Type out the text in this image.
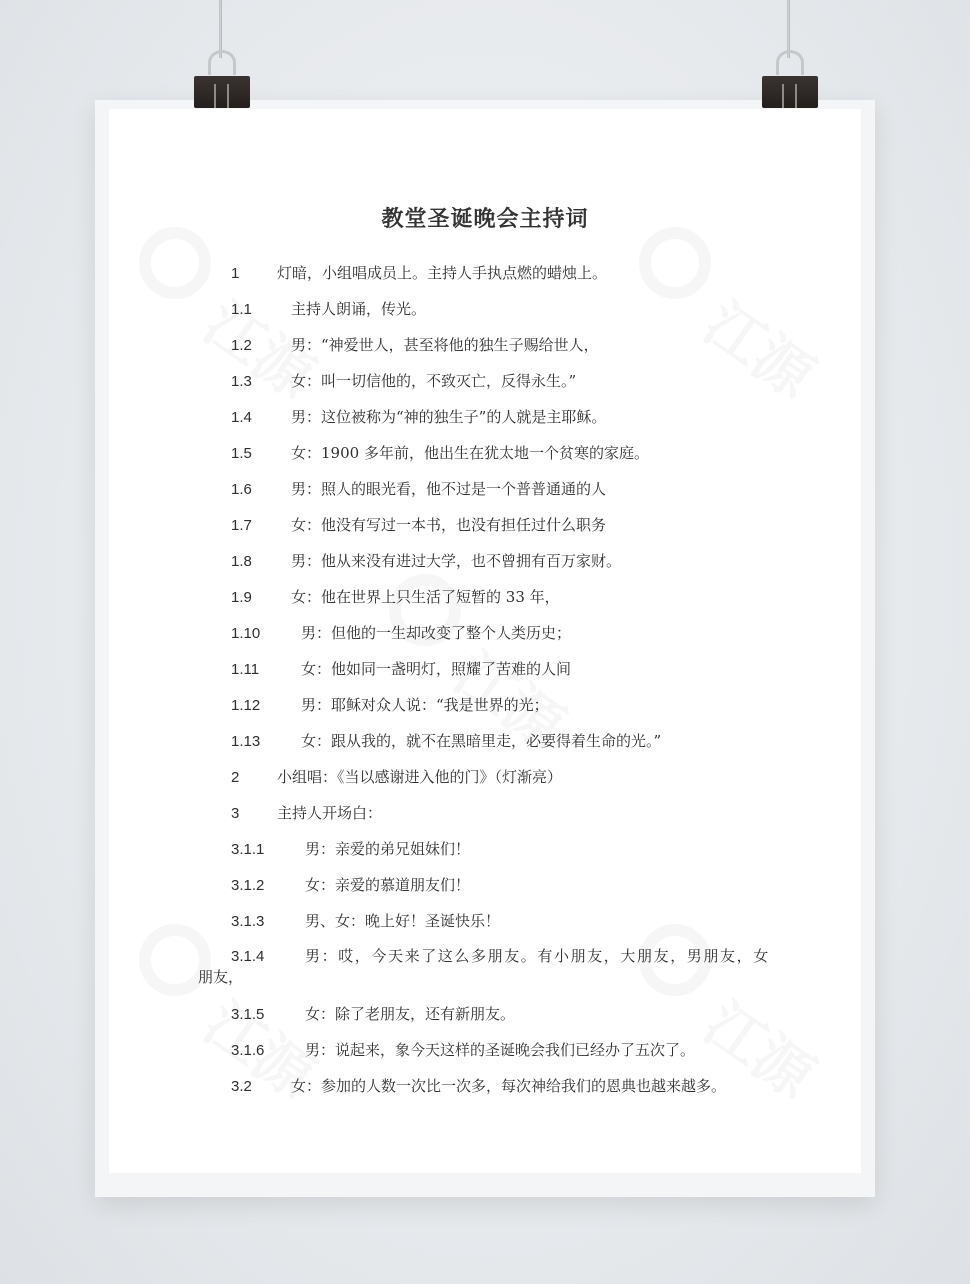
教堂圣诞晚会主持词
1	灯暗，小组唱成员上。主持人手执点燃的蜡烛上。
1.1	主持人朗诵，传光。
1.2	男：“神爱世人，甚至将他的独生子赐给世人，
1.3	女：叫一切信他的，不致灭亡，反得永生。”
1.4	男：这位被称为“神的独生子”的人就是主耶稣。
1.5	女：1900 多年前，他出生在犹太地一个贫寒的家庭。
1.6	男：照人的眼光看，他不过是一个普普通通的人
1.7	女：他没有写过一本书，也没有担任过什么职务
1.8	男：他从来没有进过大学，也不曾拥有百万家财。
1.9	女：他在世界上只生活了短暂的 33 年，
1.10	男：但他的一生却改变了整个人类历史；
1.11	女：他如同一盏明灯，照耀了苦难的人间
1.12	男：耶稣对众人说：“我是世界的光；
1.13	女：跟从我的，就不在黑暗里走，必要得着生命的光。”
2	小组唱：《当以感谢进入他的门》（灯渐亮）
3	主持人开场白：
3.1.1	男：亲爱的弟兄姐妹们！
3.1.2	女：亲爱的慕道朋友们！
3.1.3	男、女：晚上好！圣诞快乐！
3.1.4	男：哎，今天来了这么多朋友。有小朋友，大朋友，男朋友，女
朋友，
3.1.5	女：除了老朋友，还有新朋友。
3.1.6	男：说起来，象今天这样的圣诞晚会我们已经办了五次了。
3.2	女：参加的人数一次比一次多，每次神给我们的恩典也越来越多。
